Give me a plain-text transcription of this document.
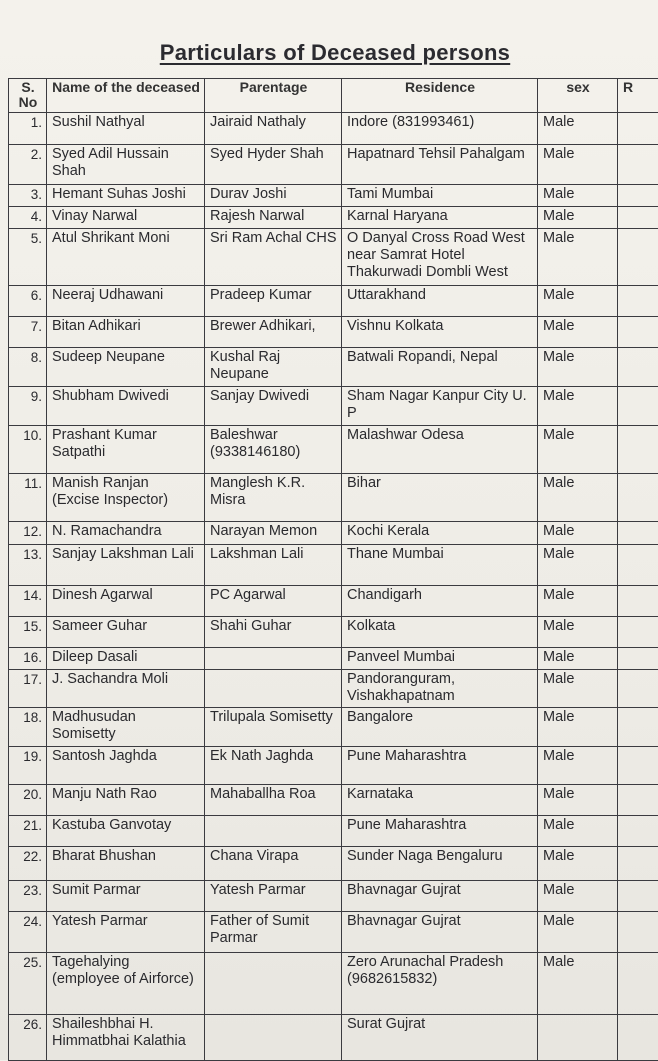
Particulars of Deceased persons
S. No	Name of the deceased	Parentage	Residence	sex	R
1.	Sushil Nathyal	Jairaid Nathaly	Indore (831993461)	Male	
2.	Syed Adil Hussain Shah	Syed Hyder Shah	Hapatnard Tehsil Pahalgam	Male	
3.	Hemant Suhas Joshi	Durav Joshi	Tami Mumbai	Male	
4.	Vinay Narwal	Rajesh Narwal	Karnal Haryana	Male	
5.	Atul Shrikant Moni	Sri Ram Achal CHS	O Danyal Cross Road West near Samrat Hotel Thakurwadi Dombli West	Male	
6.	Neeraj Udhawani	Pradeep Kumar	Uttarakhand	Male	
7.	Bitan Adhikari	Brewer Adhikari,	Vishnu Kolkata	Male	
8.	Sudeep Neupane	Kushal Raj Neupane	Batwali Ropandi, Nepal	Male	
9.	Shubham Dwivedi	Sanjay Dwivedi	Sham Nagar Kanpur City U. P	Male	
10.	Prashant Kumar Satpathi	Baleshwar (9338146180)	Malashwar Odesa	Male	
11.	Manish Ranjan (Excise Inspector)	Manglesh K.R. Misra	Bihar	Male	
12.	N. Ramachandra	Narayan Memon	Kochi Kerala	Male	
13.	Sanjay Lakshman Lali	Lakshman Lali	Thane Mumbai	Male	
14.	Dinesh Agarwal	PC Agarwal	Chandigarh	Male	
15.	Sameer Guhar	Shahi Guhar	Kolkata	Male	
16.	Dileep Dasali		Panveel Mumbai	Male	
17.	J. Sachandra Moli		Pandoranguram, Vishakhapatnam	Male	
18.	Madhusudan Somisetty	Trilupala Somisetty	Bangalore	Male	
19.	Santosh Jaghda	Ek Nath Jaghda	Pune Maharashtra	Male	
20.	Manju Nath Rao	Mahaballha Roa	Karnataka	Male	
21.	Kastuba Ganvotay		Pune Maharashtra	Male	
22.	Bharat Bhushan	Chana Virapa	Sunder Naga Bengaluru	Male	
23.	Sumit Parmar	Yatesh Parmar	Bhavnagar Gujrat	Male	
24.	Yatesh Parmar	Father of Sumit Parmar	Bhavnagar Gujrat	Male	
25.	Tagehalying (employee of Airforce)		Zero Arunachal Pradesh (9682615832)	Male	
26.	Shaileshbhai H. Himmatbhai Kalathia		Surat Gujrat		
